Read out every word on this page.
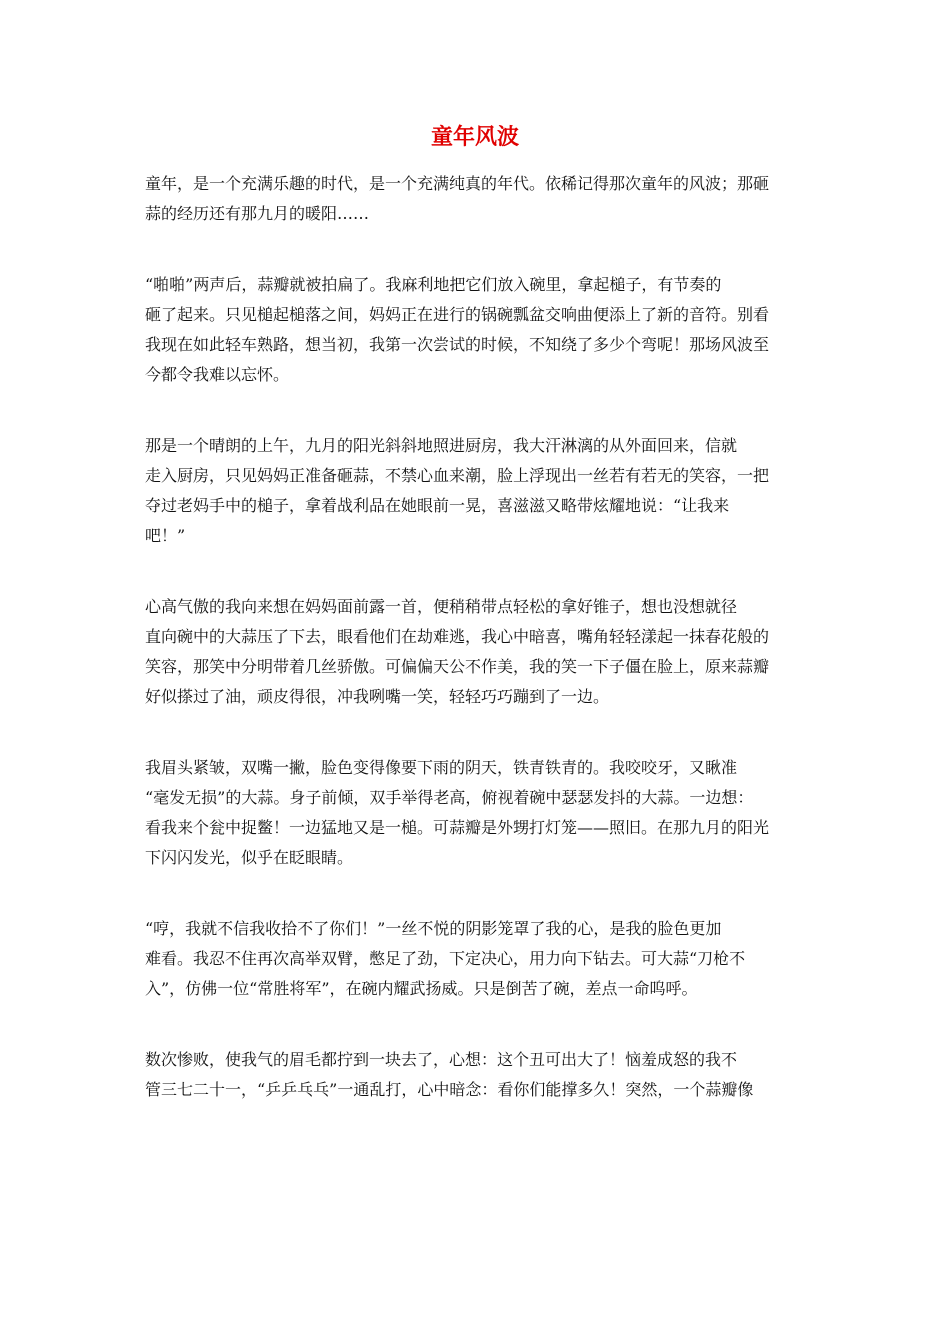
童年风波
童年，是一个充满乐趣的时代，是一个充满纯真的年代。依稀记得那次童年的风波；那砸
蒜的经历还有那九月的暖阳……
“啪啪”两声后，蒜瓣就被拍扁了。我麻利地把它们放入碗里，拿起槌子，有节奏的
砸了起来。只见槌起槌落之间，妈妈正在进行的锅碗瓢盆交响曲便添上了新的音符。别看
我现在如此轻车熟路，想当初，我第一次尝试的时候，不知绕了多少个弯呢！那场风波至
今都令我难以忘怀。
那是一个晴朗的上午，九月的阳光斜斜地照进厨房，我大汗淋漓的从外面回来，信就
走入厨房，只见妈妈正准备砸蒜，不禁心血来潮，脸上浮现出一丝若有若无的笑容，一把
夺过老妈手中的槌子，拿着战利品在她眼前一晃，喜滋滋又略带炫耀地说：“让我来
吧！”
心高气傲的我向来想在妈妈面前露一首，便稍稍带点轻松的拿好锥子，想也没想就径
直向碗中的大蒜压了下去，眼看他们在劫难逃，我心中暗喜，嘴角轻轻漾起一抹春花般的
笑容，那笑中分明带着几丝骄傲。可偏偏天公不作美，我的笑一下子僵在脸上，原来蒜瓣
好似搽过了油，顽皮得很，冲我咧嘴一笑，轻轻巧巧蹦到了一边。
我眉头紧皱，双嘴一撇，脸色变得像要下雨的阴天，铁青铁青的。我咬咬牙，又瞅准
“毫发无损”的大蒜。身子前倾，双手举得老高，俯视着碗中瑟瑟发抖的大蒜。一边想：
看我来个瓮中捉鳖！一边猛地又是一槌。可蒜瓣是外甥打灯笼——照旧。在那九月的阳光
下闪闪发光，似乎在眨眼睛。
“哼，我就不信我收拾不了你们！”一丝不悦的阴影笼罩了我的心，是我的脸色更加
难看。我忍不住再次高举双臂，憋足了劲，下定决心，用力向下钻去。可大蒜“刀枪不
入”，仿佛一位“常胜将军”，在碗内耀武扬威。只是倒苦了碗，差点一命呜呼。
数次惨败，使我气的眉毛都拧到一块去了，心想：这个丑可出大了！恼羞成怒的我不
管三七二十一，“乒乒乓乓”一通乱打，心中暗念：看你们能撑多久！突然，一个蒜瓣像
